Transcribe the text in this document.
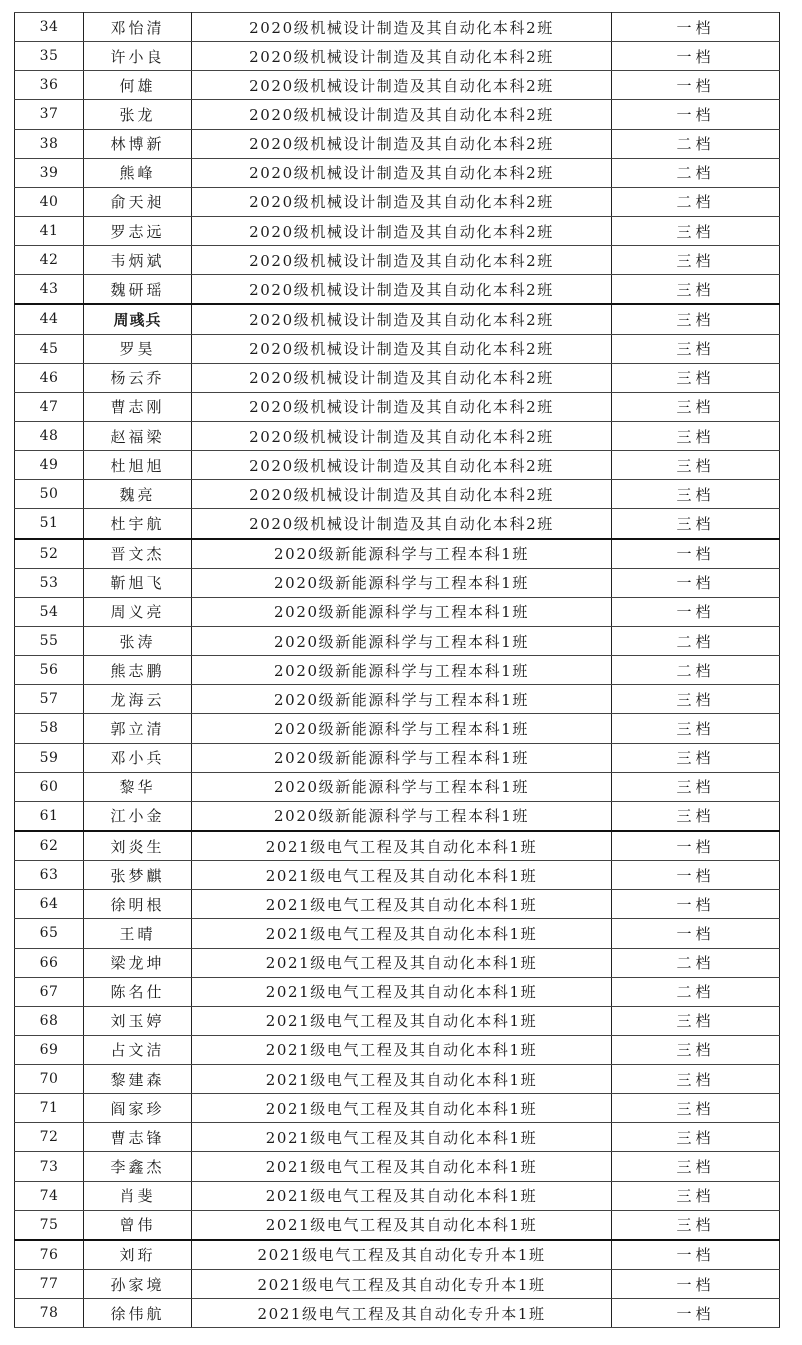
34	邓怡清	2020级机械设计制造及其自动化本科2班	一档
35	许小良	2020级机械设计制造及其自动化本科2班	一档
36	何雄	2020级机械设计制造及其自动化本科2班	一档
37	张龙	2020级机械设计制造及其自动化本科2班	一档
38	林博新	2020级机械设计制造及其自动化本科2班	二档
39	熊峰	2020级机械设计制造及其自动化本科2班	二档
40	俞天昶	2020级机械设计制造及其自动化本科2班	二档
41	罗志远	2020级机械设计制造及其自动化本科2班	三档
42	韦炳斌	2020级机械设计制造及其自动化本科2班	三档
43	魏研瑶	2020级机械设计制造及其自动化本科2班	三档
44	周彧兵	2020级机械设计制造及其自动化本科2班	三档
45	罗昊	2020级机械设计制造及其自动化本科2班	三档
46	杨云乔	2020级机械设计制造及其自动化本科2班	三档
47	曹志刚	2020级机械设计制造及其自动化本科2班	三档
48	赵福梁	2020级机械设计制造及其自动化本科2班	三档
49	杜旭旭	2020级机械设计制造及其自动化本科2班	三档
50	魏亮	2020级机械设计制造及其自动化本科2班	三档
51	杜宇航	2020级机械设计制造及其自动化本科2班	三档
52	晋文杰	2020级新能源科学与工程本科1班	一档
53	靳旭飞	2020级新能源科学与工程本科1班	一档
54	周义亮	2020级新能源科学与工程本科1班	一档
55	张涛	2020级新能源科学与工程本科1班	二档
56	熊志鹏	2020级新能源科学与工程本科1班	二档
57	龙海云	2020级新能源科学与工程本科1班	三档
58	郭立清	2020级新能源科学与工程本科1班	三档
59	邓小兵	2020级新能源科学与工程本科1班	三档
60	黎华	2020级新能源科学与工程本科1班	三档
61	江小金	2020级新能源科学与工程本科1班	三档
62	刘炎生	2021级电气工程及其自动化本科1班	一档
63	张梦麒	2021级电气工程及其自动化本科1班	一档
64	徐明根	2021级电气工程及其自动化本科1班	一档
65	王晴	2021级电气工程及其自动化本科1班	一档
66	梁龙坤	2021级电气工程及其自动化本科1班	二档
67	陈名仕	2021级电气工程及其自动化本科1班	二档
68	刘玉婷	2021级电气工程及其自动化本科1班	三档
69	占文洁	2021级电气工程及其自动化本科1班	三档
70	黎建森	2021级电气工程及其自动化本科1班	三档
71	阎家珍	2021级电气工程及其自动化本科1班	三档
72	曹志锋	2021级电气工程及其自动化本科1班	三档
73	李鑫杰	2021级电气工程及其自动化本科1班	三档
74	肖斐	2021级电气工程及其自动化本科1班	三档
75	曾伟	2021级电气工程及其自动化本科1班	三档
76	刘珩	2021级电气工程及其自动化专升本1班	一档
77	孙家境	2021级电气工程及其自动化专升本1班	一档
78	徐伟航	2021级电气工程及其自动化专升本1班	一档
